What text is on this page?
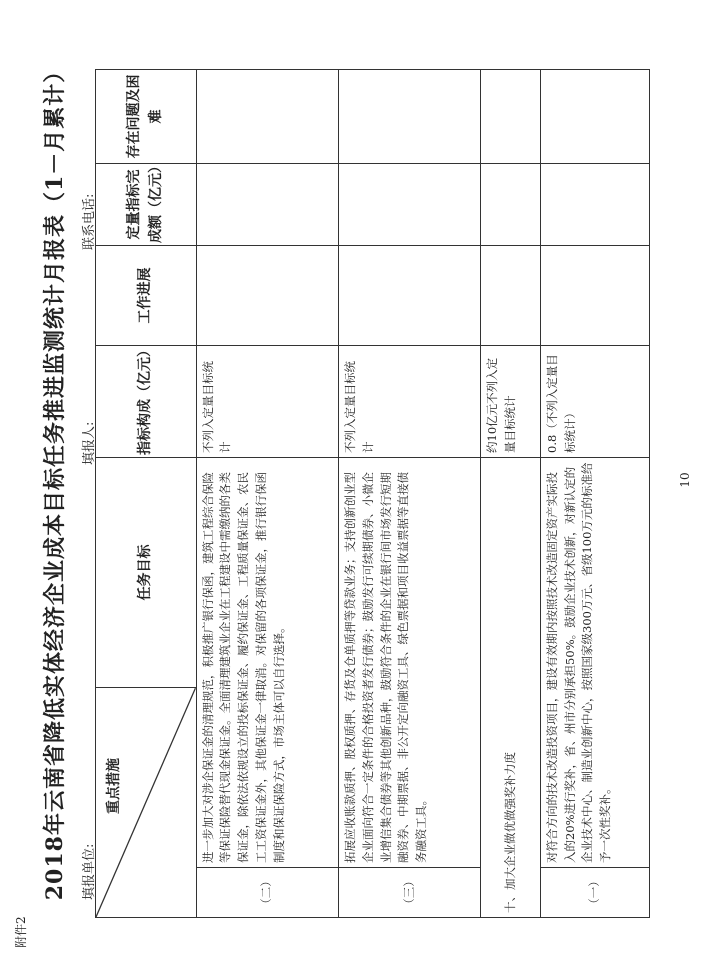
附件2
2018年云南省降低实体经济企业成本目标任务推进监测统计月报表（1－月累计）	填报单位:
填报人:
联系电话:
重点措施		任务目标	指标构成（亿元）	工作进展	定量指标完成额（亿元）	存在问题及困难
（二）	进一步加大对涉企保证金的清理规范，积极推广银行保函，建筑工程综合保险等保证保险替代现金保证金。全面清理建筑业企业在工程建设中需缴纳的各类保证金，除依法依规设立的投标保证金、履约保证金、工程质量保证金、农民工工资保证金外，其他保证金一律取消。对保留的各项保证金，推行银行保函制度和保证保险方式，市场主体可以自行选择。		不列入定量目标统计			
（三）	拓展应收账款质押、股权质押、存货及仓单质押等贷款业务；支持创新创业型企业面向符合一定条件的合格投资者发行债券；鼓励发行可续期债券、小微企业增信集合债券等其他创新品种，鼓励符合条件的企业在银行间市场发行短期融资券、中期票据、非公开定向融资工具、绿色票据和项目收益票据等直接债务融资工具。		不列入定量目标统计			
十、加大企业做优做强奖补力度			约10亿元不列入定量目标统计			
（一）	对符合方向的技术改造投资项目，建设有效期内按照技术改造固定资产实际投入的20%进行奖补，省、州市分别承担50%。鼓励企业技术创新，对新认定的企业技术中心、制造业创新中心，按照国家级300万元、省级100万元的标准给予一次性奖补。		0.8（不列入定量目标统计）			
10
